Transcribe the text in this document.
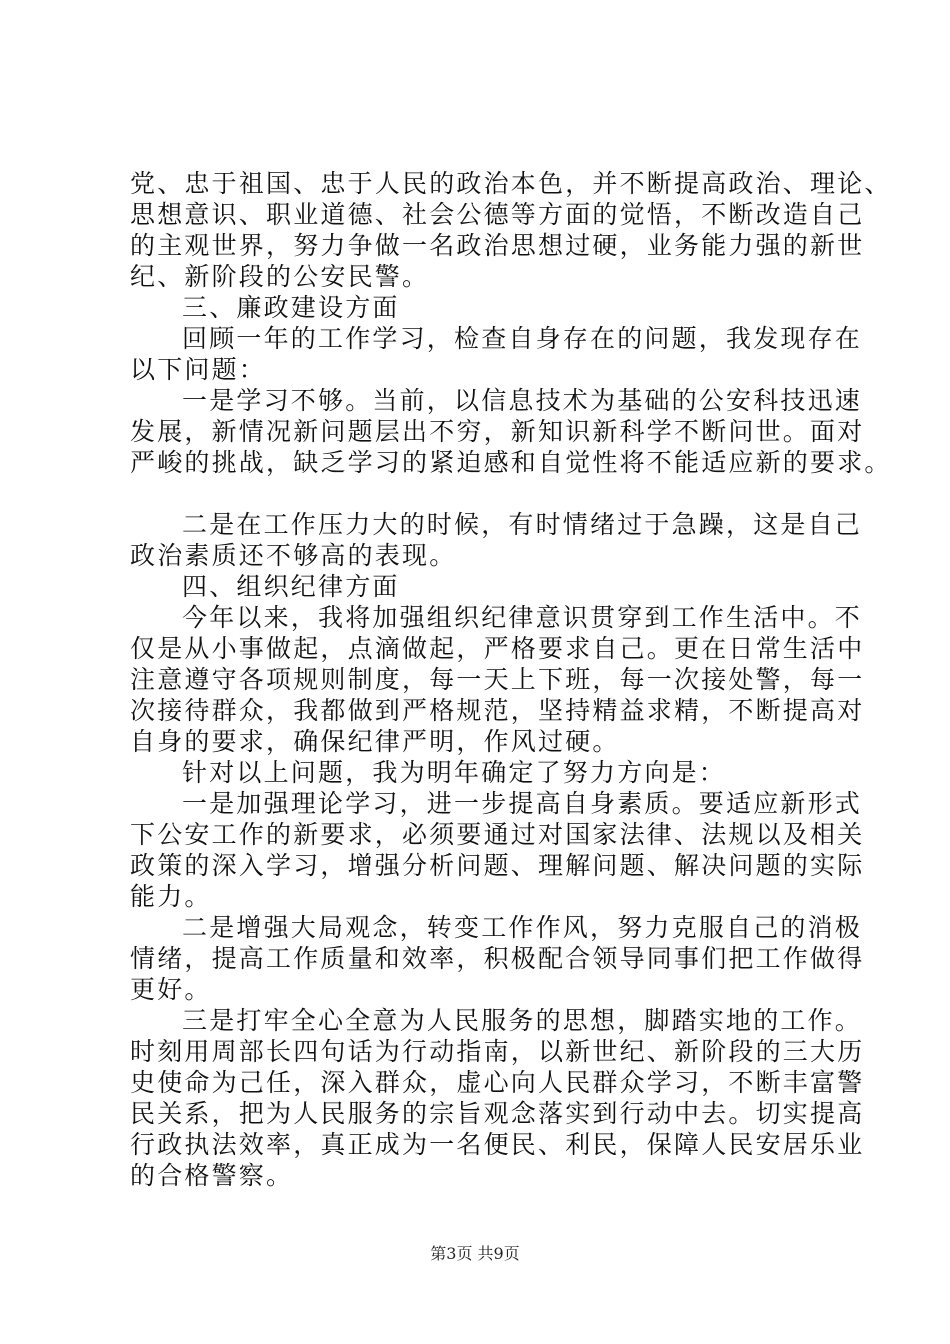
党、忠于祖国、忠于人民的政治本色，并不断提高政治、理论、
思想意识、职业道德、社会公德等方面的觉悟，不断改造自己
的主观世界，努力争做一名政治思想过硬，业务能力强的新世
纪、新阶段的公安民警。
三、廉政建设方面
回顾一年的工作学习，检查自身存在的问题，我发现存在
以下问题：
一是学习不够。当前，以信息技术为基础的公安科技迅速
发展，新情况新问题层出不穷，新知识新科学不断问世。面对
严峻的挑战，缺乏学习的紧迫感和自觉性将不能适应新的要求。
二是在工作压力大的时候，有时情绪过于急躁，这是自己
政治素质还不够高的表现。
四、组织纪律方面
今年以来，我将加强组织纪律意识贯穿到工作生活中。不
仅是从小事做起，点滴做起，严格要求自己。更在日常生活中
注意遵守各项规则制度，每一天上下班，每一次接处警，每一
次接待群众，我都做到严格规范，坚持精益求精，不断提高对
自身的要求，确保纪律严明，作风过硬。
针对以上问题，我为明年确定了努力方向是：
一是加强理论学习，进一步提高自身素质。要适应新形式
下公安工作的新要求，必须要通过对国家法律、法规以及相关
政策的深入学习，增强分析问题、理解问题、解决问题的实际
能力。
二是增强大局观念，转变工作作风，努力克服自己的消极
情绪，提高工作质量和效率，积极配合领导同事们把工作做得
更好。
三是打牢全心全意为人民服务的思想，脚踏实地的工作。
时刻用周部长四句话为行动指南，以新世纪、新阶段的三大历
史使命为己任，深入群众，虚心向人民群众学习，不断丰富警
民关系，把为人民服务的宗旨观念落实到行动中去。切实提高
行政执法效率，真正成为一名便民、利民，保障人民安居乐业
的合格警察。
第3页 共9页
